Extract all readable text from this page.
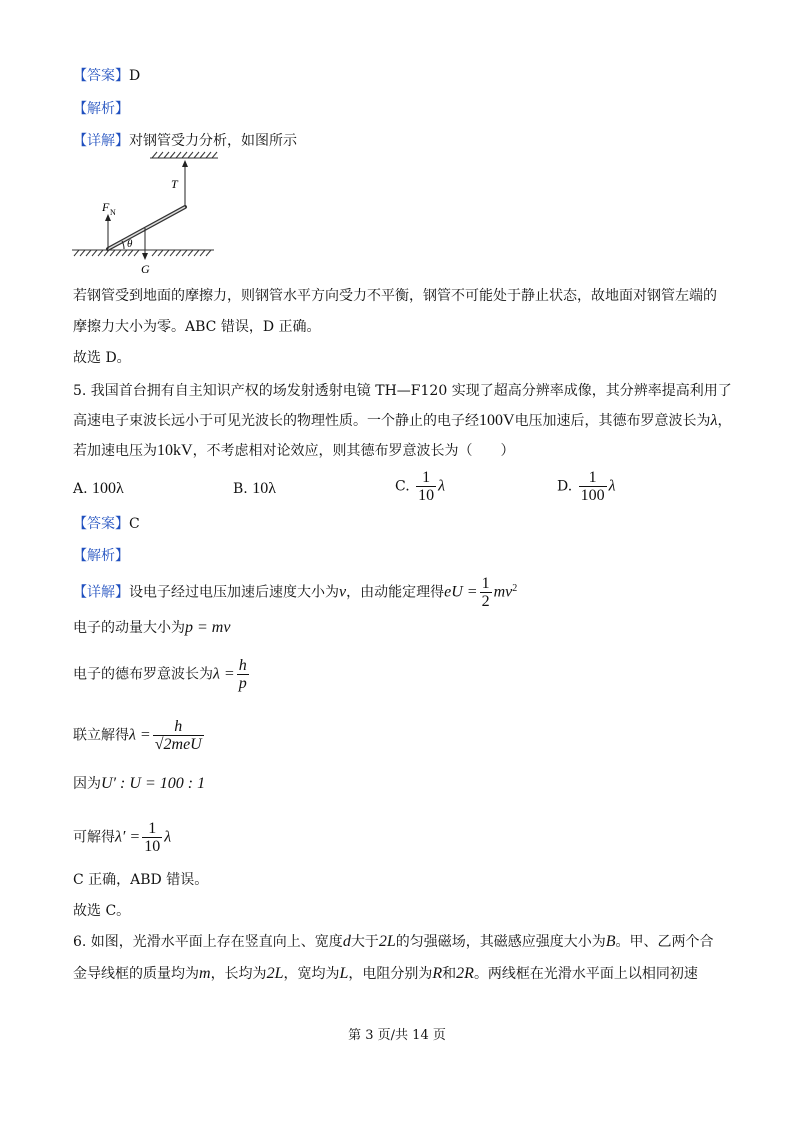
【答案】D
【解析】
【详解】对钢管受力分析，如图所示
T
F N
θ
G
若钢管受到地面的摩擦力，则钢管水平方向受力不平衡，钢管不可能处于静止状态，故地面对钢管左端的
摩擦力大小为零。ABC 错误，D 正确。
故选 D。
5. 我国首台拥有自主知识产权的场发射透射电镜 TH—F120 实现了超高分辨率成像，其分辨率提高利用了
高速电子束波长远小于可见光波长的物理性质。一个静止的电子经100V电压加速后，其德布罗意波长为λ，
若加速电压为10kV，不考虑相对论效应，则其德布罗意波长为（　　）
A. 100λ	B. 10λ	C. $\frac{1}{10}$ λ	D. $\frac{1}{100}$ λ
【答案】C
【解析】
【详解】设电子经过电压加速后速度大小为v，由动能定理得eU = $\frac{1}{2} mv^2$
电子的动量大小为p = mv
电子的德布罗意波长为$\lambda = \frac{h}{p}$
联立解得$\lambda = \frac{h}{\text{√2meU}}$
因为U′ : U = 100 : 1
可解得$\lambda' = \frac{1}{10}$ λ
C 正确，ABD 错误。
故选 C。
6. 如图，光滑水平面上存在竖直向上、宽度d大于2L的匀强磁场，其磁感应强度大小为B。甲、乙两个合
金导线框的质量均为m，长均为2L，宽均为L，电阻分别为R和2R。两线框在光滑水平面上以相同初速
第 3 页/共 14 页
